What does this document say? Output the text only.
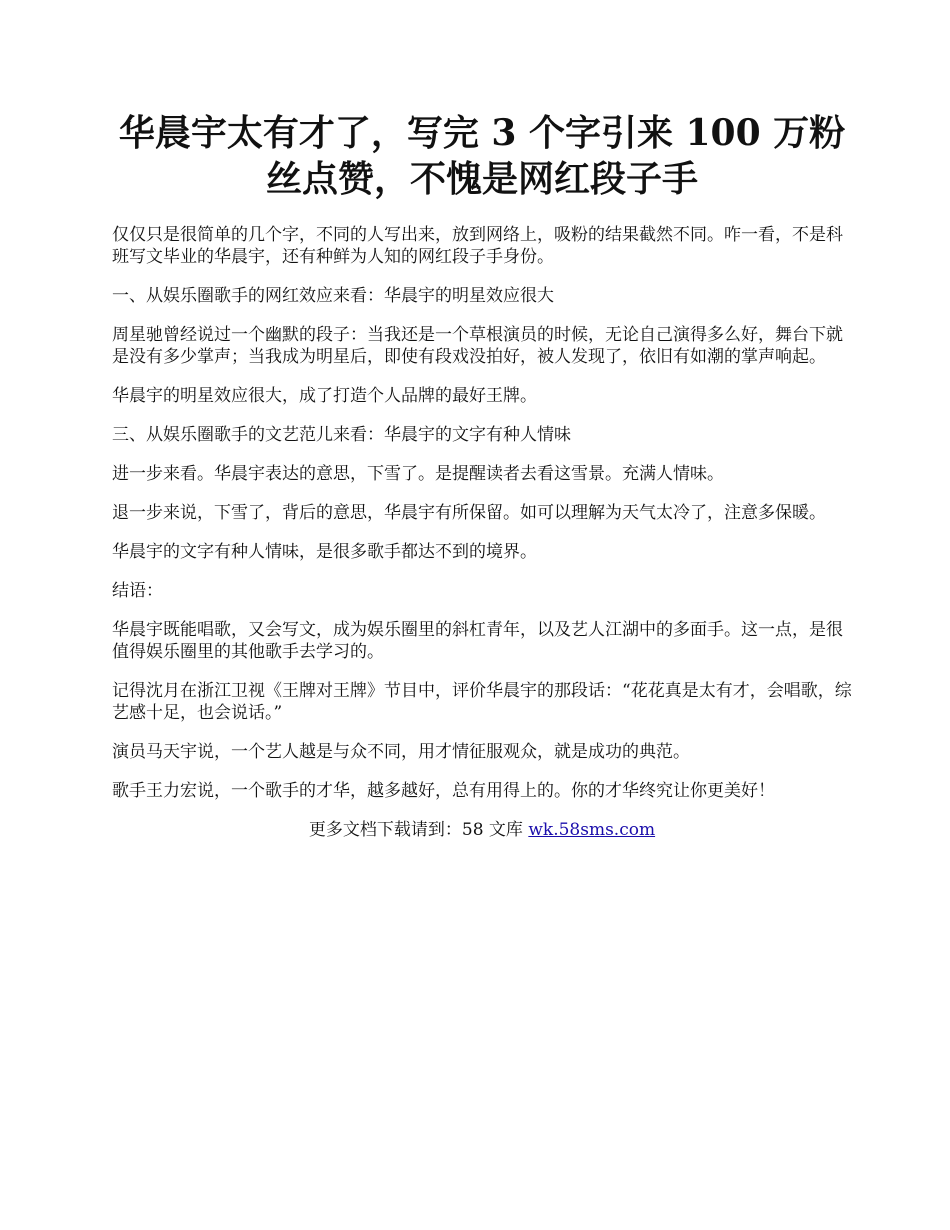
华晨宇太有才了，写完 3 个字引来 100 万粉
丝点赞，不愧是网红段子手

仅仅只是很简单的几个字，不同的人写出来，放到网络上，吸粉的结果截然不同。咋一看，不是科班写文毕业的华晨宇，还有种鲜为人知的网红段子手身份。

一、从娱乐圈歌手的网红效应来看：华晨宇的明星效应很大

周星驰曾经说过一个幽默的段子：当我还是一个草根演员的时候，无论自己演得多么好，舞台下就是没有多少掌声；当我成为明星后，即使有段戏没拍好，被人发现了，依旧有如潮的掌声响起。

华晨宇的明星效应很大，成了打造个人品牌的最好王牌。

三、从娱乐圈歌手的文艺范儿来看：华晨宇的文字有种人情味

进一步来看。华晨宇表达的意思，下雪了。是提醒读者去看这雪景。充满人情味。

退一步来说，下雪了，背后的意思，华晨宇有所保留。如可以理解为天气太冷了，注意多保暖。

华晨宇的文字有种人情味，是很多歌手都达不到的境界。

结语：

华晨宇既能唱歌，又会写文，成为娱乐圈里的斜杠青年，以及艺人江湖中的多面手。这一点，是很值得娱乐圈里的其他歌手去学习的。

记得沈月在浙江卫视《王牌对王牌》节目中，评价华晨宇的那段话：“花花真是太有才，会唱歌，综艺感十足，也会说话。”

演员马天宇说，一个艺人越是与众不同，用才情征服观众，就是成功的典范。

歌手王力宏说，一个歌手的才华，越多越好，总有用得上的。你的才华终究让你更美好！

更多文档下载请到：58 文库 wk.58sms.com
